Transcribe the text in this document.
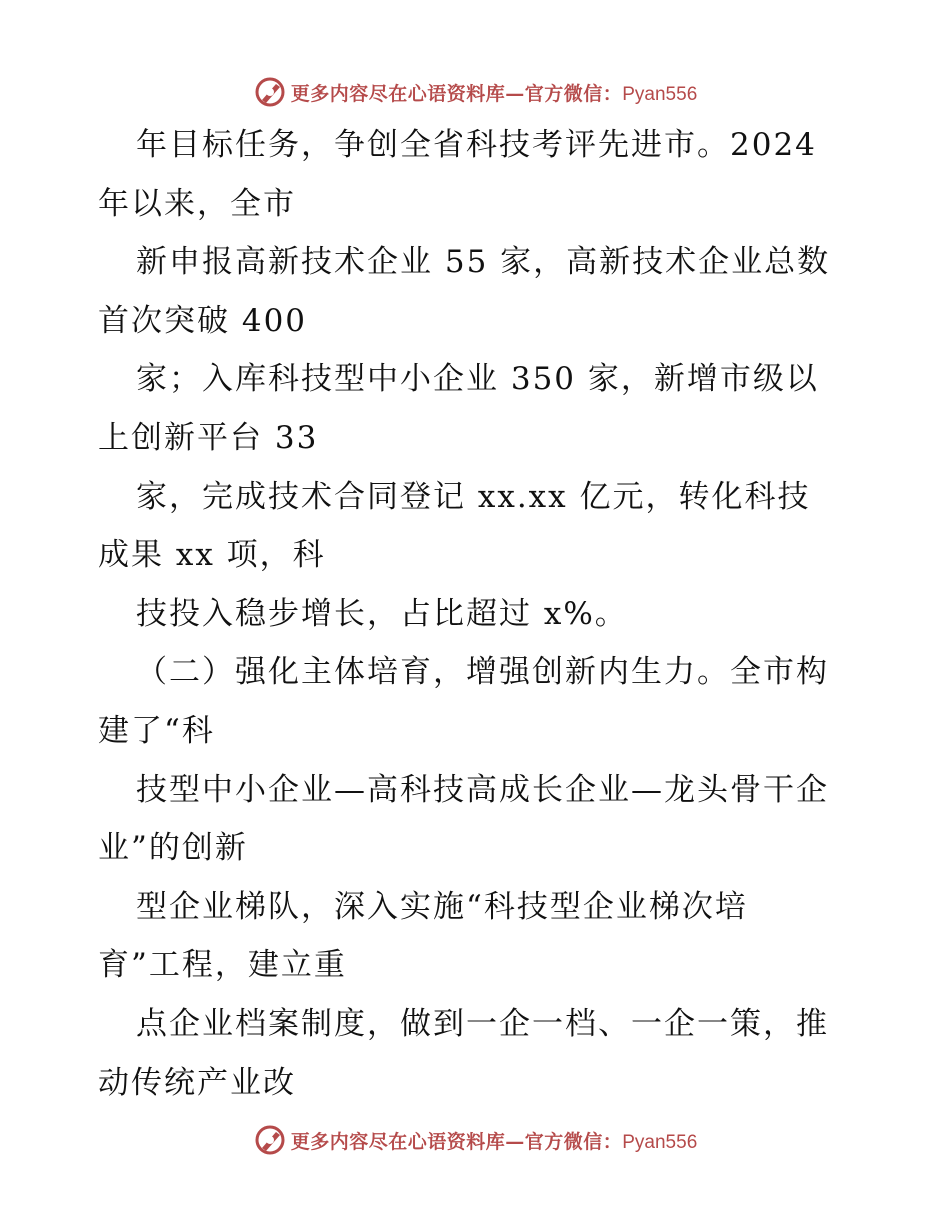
更多内容尽在心语资料库—官方微信：Pyan556
年目标任务，争创全省科技考评先进市。2024
年以来，全市
新申报高新技术企业 55 家，高新技术企业总数
首次突破 400
家；入库科技型中小企业 350 家，新增市级以
上创新平台 33
家，完成技术合同登记 xx.xx 亿元，转化科技
成果 xx 项，科
技投入稳步增长，占比超过 x%。
（二）强化主体培育，增强创新内生力。全市构
建了“科
技型中小企业—高科技高成长企业—龙头骨干企
业”的创新
型企业梯队，深入实施“科技型企业梯次培
育”工程，建立重
点企业档案制度，做到一企一档、一企一策，推
动传统产业改
更多内容尽在心语资料库—官方微信：Pyan556
